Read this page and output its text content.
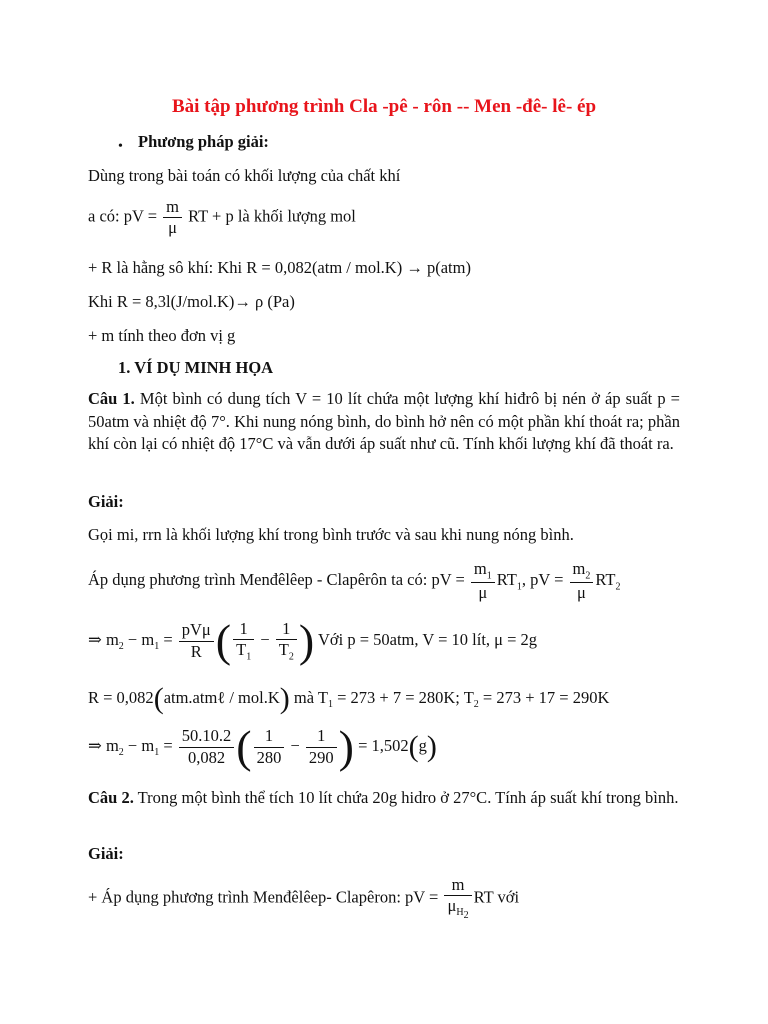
Bài tập phương trình Cla -pê - rôn -- Men -đê- lê- ép
• Phương pháp giải:
Dùng trong bài toán có khối lượng của chất khí
a có: pV = $\frac{m}{\mu}$ RT + p là khối lượng mol
+ R là hằng sô khí: Khi R = 0,082(atm / mol.K) → p(atm)
Khi R = 8,3l(J/mol.K)→ ρ (Pa)
+ m tính theo đơn vị g
1. VÍ DỤ MINH HỌA
Câu 1. Một bình có dung tích V = 10 lít chứa một lượng khí hiđrô bị nén ở áp suất p = 50atm và nhiệt độ 7°. Khi nung nóng bình, do bình hở nên có một phần khí thoát ra; phần khí còn lại có nhiệt độ 17°C và vẫn dưới áp suất như cũ. Tính khối lượng khí đã thoát ra.
Giải:
Gọi mi, rrn là khối lượng khí trong bình trước và sau khi nung nóng bình.
Áp dụng phương trình Menđêlêep - Clapêrôn ta có: pV = $\frac{m_1}{\mu} RT_1$, pV = $\frac{m_2}{\mu} RT_2$
⇒ $m_2 - m_1 = \frac{\text{pVμ}}{R}$ ( $\frac{1}{T_1} - \frac{1}{T_2}$ ) Với p = 50atm, V = 10 lít, μ = 2g
R = 0,082(atm.atmℓ / mol.K) mà $T_1 = 273 + 7 = 280K$; $T_2 = 273 + 17 = 290K$
⇒ $m_2 - m_1 = \frac{50.10.2}{0,082}$ ( $\frac{1}{280} - \frac{1}{290}$ ) = 1,502(g)
Câu 2. Trong một bình thể tích 10 lít chứa 20g hidro ở 27°C. Tính áp suất khí trong bình.
Giải:
+ Áp dụng phương trình Menđêlêep- Clapêron: pV = $\frac{m}{\mu_{H_2}}$ RT với
